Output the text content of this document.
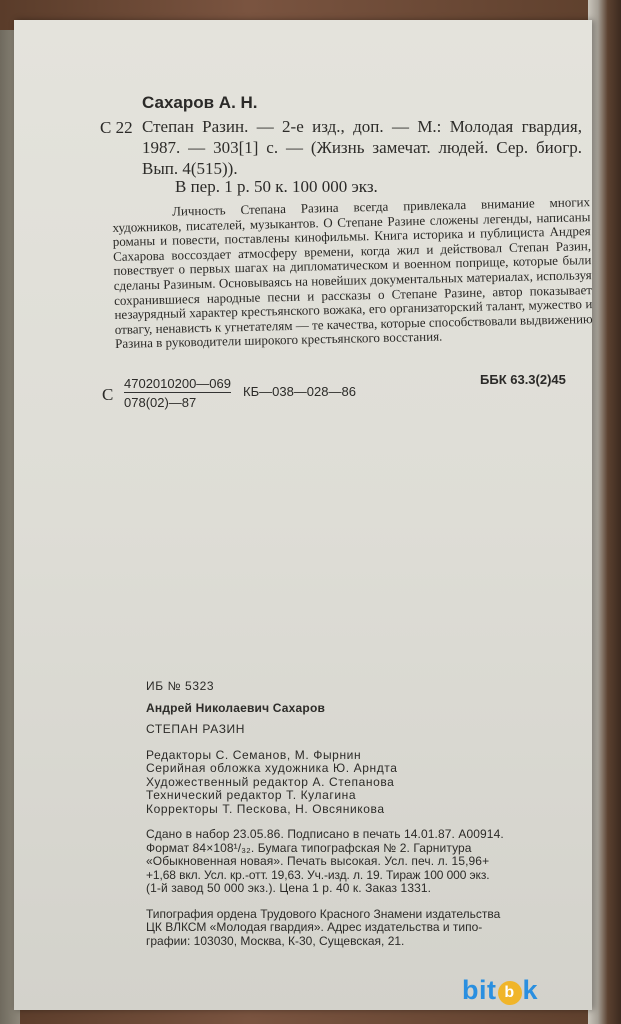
С 22
Сахаров А. Н.
Степан Разин. — 2-е изд., доп. — М.: Молодая гвардия, 1987. — 303[1] с. — (Жизнь замечат. людей. Сер. биогр. Вып. 4(515)).
В пер. 1 р. 50 к. 100 000 экз.
Личность Степана Разина всегда привлекала внимание многих художников, писателей, музыкантов. О Степане Разине сложены легенды, написаны романы и повести, поставлены кинофильмы. Книга историка и публициста Андрея Сахарова воссоздает атмосферу времени, когда жил и действовал Степан Разин, повествует о первых шагах на дипломатическом и военном поприще, которые были сделаны Разиным. Основываясь на новейших документальных материалах, используя сохранившиеся народные песни и рассказы о Степане Разине, автор показывает незаурядный характер крестьянского вожака, его организаторский талант, мужество и отвагу, ненависть к угнетателям — те качества, которые способствовали выдвижению Разина в руководители широкого крестьянского восстания.
С $\frac{4702010200—069}{078(02)—87}$ КБ—038—028—86
ББК 63.3(2)45
ИБ № 5323
Андрей Николаевич Сахаров
СТЕПАН РАЗИН
Редакторы С. Семанов, М. Фырнин
Серийная обложка художника Ю. Арндта
Художественный редактор А. Степанова
Технический редактор Т. Кулагина
Корректоры Т. Пескова, Н. Овсяникова
Сдано в набор 23.05.86. Подписано в печать 14.01.87. А00914.
Формат 84×108¹/₃₂. Бумага типографская № 2. Гарнитура
«Обыкновенная новая». Печать высокая. Усл. печ. л. 15,96+
+1,68 вкл. Усл. кр.-отт. 19,63. Уч.-изд. л. 19. Тираж 100 000 экз.
(1-й завод 50 000 экз.). Цена 1 р. 40 к. Заказ 1331.
Типография ордена Трудового Красного Знамени издательства
ЦК ВЛКСМ «Молодая гвардия». Адрес издательства и типо-
графии: 103030, Москва, К-30, Сущевская, 21.
bit b k
